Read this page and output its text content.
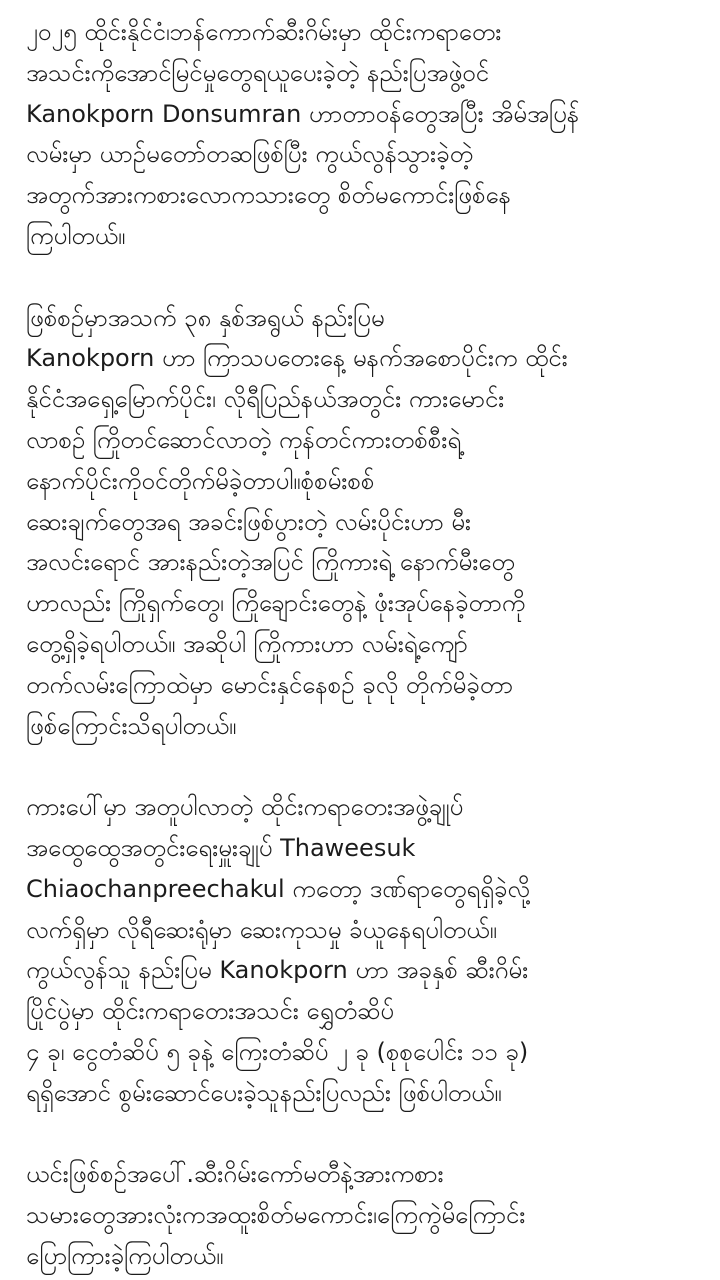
၂၀၂၅ ထိုင်းနိုင်ငံ၊ဘန်ကောက်ဆီးဂိမ်းမှာ ထိုင်းကရာတေး
အသင်းကိုအောင်မြင်မှုတွေရယူပေးခဲ့တဲ့ နည်းပြအဖွဲ့ဝင်
Kanokporn Donsumran ဟာတာဝန်တွေအပြီး အိမ်အပြန်
လမ်းမှာ ယာဉ်မတော်တဆဖြစ်ပြီး ကွယ်လွန်သွားခဲ့တဲ့
အတွက်အားကစားလောကသားတွေ စိတ်မကောင်းဖြစ်နေ
ကြပါတယ်။
ဖြစ်စဉ်မှာအသက် ၃၈ နှစ်အရွယ် နည်းပြမ
Kanokporn ဟာ ကြာသပတေးနေ့ မနက်အစောပိုင်းက ထိုင်း
နိုင်ငံအရှေ့မြောက်ပိုင်း၊ လိုရီပြည်နယ်အတွင်း ကားမောင်း
လာစဉ် ကြိုတင်ဆောင်လာတဲ့ ကုန်တင်ကားတစ်စီးရဲ့
နောက်ပိုင်းကိုဝင်တိုက်မိခဲ့တာပါ။စုံစမ်းစစ်
ဆေးချက်တွေအရ အခင်းဖြစ်ပွားတဲ့ လမ်းပိုင်းဟာ မီး
အလင်းရောင် အားနည်းတဲ့အပြင် ကြိုကားရဲ့ နောက်မီးတွေ
ဟာလည်း ကြိုရှက်တွေ၊ ကြိုချောင်းတွေနဲ့ ဖုံးအုပ်နေခဲ့တာကို
တွေ့ရှိခဲ့ရပါတယ်။ အဆိုပါ ကြိုကားဟာ လမ်းရဲ့ကျော်
တက်လမ်းကြောထဲမှာ မောင်းနှင်နေစဉ် ခုလို တိုက်မိခဲ့တာ
ဖြစ်ကြောင်းသိရပါတယ်။
ကားပေါ်မှာ အတူပါလာတဲ့ ထိုင်းကရာတေးအဖွဲ့ချုပ်
အထွေထွေအတွင်းရေးမှူးချုပ် Thaweesuk
Chiaochanpreechakul ကတော့ ဒဏ်ရာတွေရရှိခဲ့လို့
လက်ရှိမှာ လိုရီဆေးရုံမှာ ဆေးကုသမှု ခံယူနေရပါတယ်။
ကွယ်လွန်သူ နည်းပြမ Kanokporn ဟာ အခုနှစ် ဆီးဂိမ်း
ပြိုင်ပွဲမှာ ထိုင်းကရာတေးအသင်း ရွှေတံဆိပ်
၄ ခု၊ ငွေတံဆိပ် ၅ ခုနဲ့ ကြေးတံဆိပ် ၂ ခု (စုစုပေါင်း ၁၁ ခု)
ရရှိအောင် စွမ်းဆောင်ပေးခဲ့သူနည်းပြလည်း ဖြစ်ပါတယ်။
ယင်းဖြစ်စဉ်အပေါ်.ဆီးဂိမ်းကော်မတီနဲ့အားကစား
သမားတွေအားလုံးကအထူးစိတ်မကောင်း၊ကြေကွဲမိကြောင်း
ပြောကြားခဲ့ကြပါတယ်။
